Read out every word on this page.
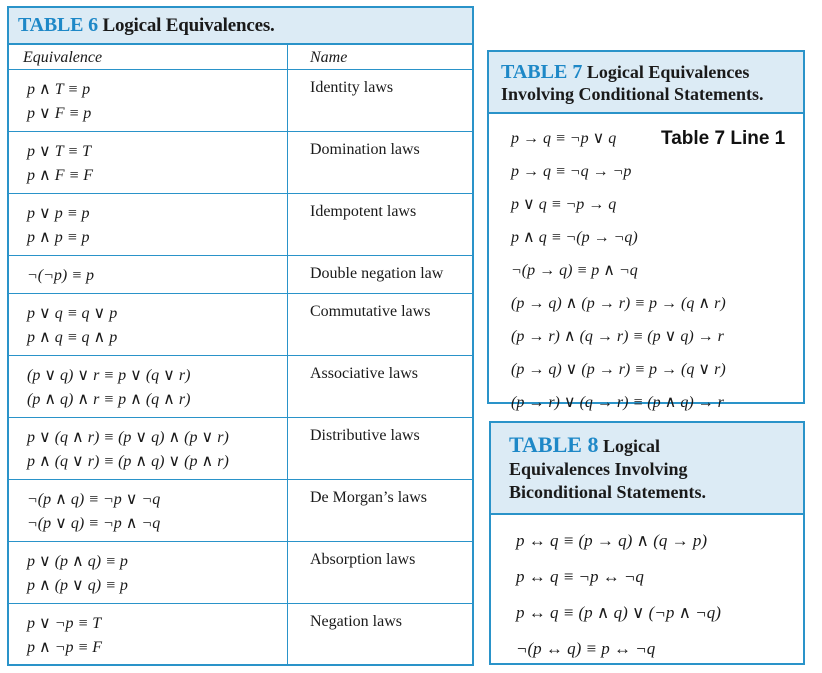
TABLE 6 Logical Equivalences.
Equivalence	Name
p ∧ T ≡ p
p ∨ F ≡ p
Identity laws
p ∨ T ≡ T
p ∧ F ≡ F
Domination laws
p ∨ p ≡ p
p ∧ p ≡ p
Idempotent laws
¬(¬p) ≡ p	Double negation law
p ∨ q ≡ q ∨ p
p ∧ q ≡ q ∧ p
Commutative laws
(p ∨ q) ∨ r ≡ p ∨ (q ∨ r)
(p ∧ q) ∧ r ≡ p ∧ (q ∧ r)
Associative laws
p ∨ (q ∧ r) ≡ (p ∨ q) ∧ (p ∨ r)
p ∧ (q ∨ r) ≡ (p ∧ q) ∨ (p ∧ r)
Distributive laws
¬(p ∧ q) ≡ ¬p ∨ ¬q
¬(p ∨ q) ≡ ¬p ∧ ¬q
De Morgan’s laws
p ∨ (p ∧ q) ≡ p
p ∧ (p ∨ q) ≡ p
Absorption laws
p ∨ ¬p ≡ T
p ∧ ¬p ≡ F
Negation laws
TABLE 7 Logical Equivalences
Involving Conditional Statements.
p → q ≡ ¬p ∨ q Table 7 Line 1
p → q ≡ ¬q → ¬p
p ∨ q ≡ ¬p → q
p ∧ q ≡ ¬(p → ¬q)
¬(p → q) ≡ p ∧ ¬q
(p → q) ∧ (p → r) ≡ p → (q ∧ r)
(p → r) ∧ (q → r) ≡ (p ∨ q) → r
(p → q) ∨ (p → r) ≡ p → (q ∨ r)
(p → r) ∨ (q → r) ≡ (p ∧ q) → r
TABLE 8 Logical
Equivalences Involving
Biconditional Statements.
p ↔ q ≡ (p → q) ∧ (q → p)
p ↔ q ≡ ¬p ↔ ¬q
p ↔ q ≡ (p ∧ q) ∨ (¬p ∧ ¬q)
¬(p ↔ q) ≡ p ↔ ¬q
